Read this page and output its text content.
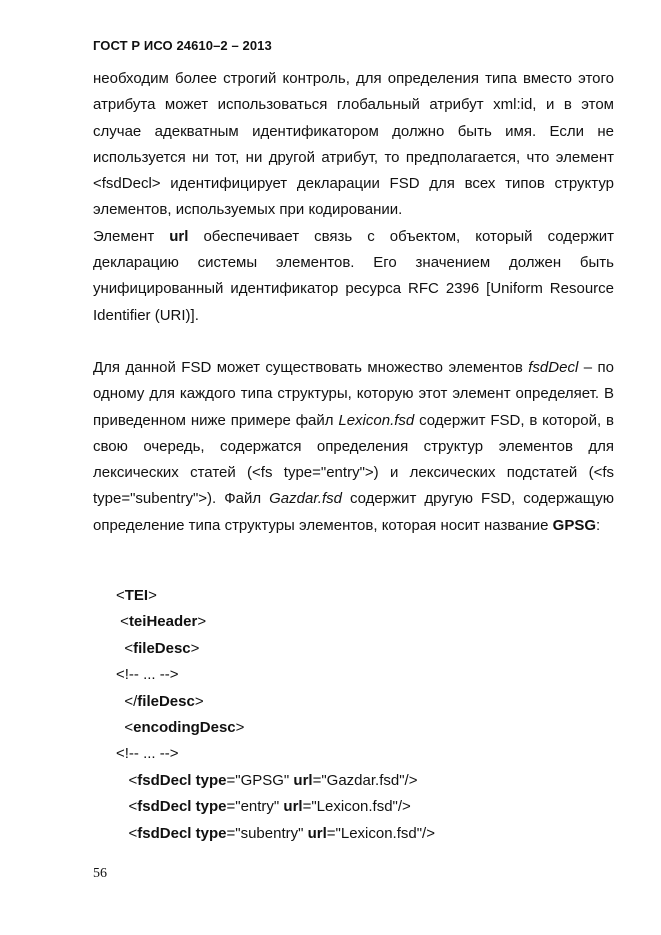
ГОСТ Р ИСО 24610–2 – 2013

необходим более строгий контроль, для определения типа вместо этого атрибута может использоваться глобальный атрибут xml:id, и в этом случае адекватным идентификатором должно быть имя. Если не используется ни тот, ни другой атрибут, то предполагается, что элемент <fsdDecl> идентифицирует декларации FSD для всех типов структур элементов, используемых при кодировании.

Элемент url обеспечивает связь с объектом, который содержит декларацию системы элементов. Его значением должен быть унифицированный идентификатор ресурса RFC 2396 [Uniform Resource Identifier (URI)].

Для данной FSD может существовать множество элементов fsdDecl – по одному для каждого типа структуры, которую этот элемент определяет. В приведенном ниже примере файл Lexicon.fsd содержит FSD, в которой, в свою очередь, содержатся определения структур элементов для лексических статей (<fs type="entry">) и лексических подстатей (<fs type="subentry">). Файл Gazdar.fsd содержит другую FSD, содержащую определение типа структуры элементов, которая носит название GPSG:

<TEI>
<teiHeader>
<fileDesc>
<!-- ... -->
</fileDesc>
<encodingDesc>
<!-- ... -->
<fsdDecl type="GPSG" url="Gazdar.fsd"/>
<fsdDecl type="entry" url="Lexicon.fsd"/>
<fsdDecl type="subentry" url="Lexicon.fsd"/>
56
